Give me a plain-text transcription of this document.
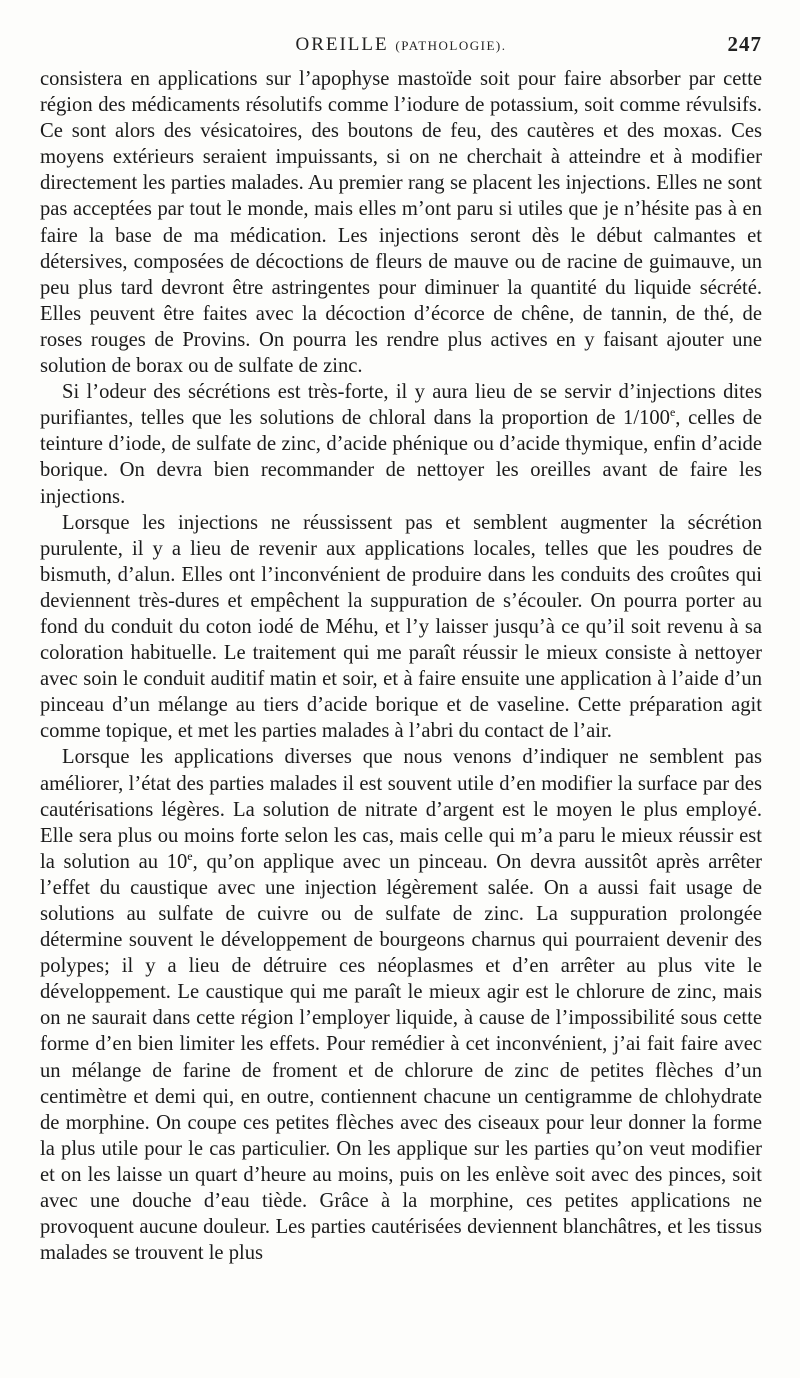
OREILLE (PATHOLOGIE).	247

consistera en applications sur l’apophyse mastoïde soit pour faire absorber par cette région des médicaments résolutifs comme l’iodure de potassium, soit comme révulsifs. Ce sont alors des vésicatoires, des boutons de feu, des cautères et des moxas. Ces moyens extérieurs seraient impuissants, si on ne cherchait à atteindre et à modifier directement les parties malades. Au premier rang se placent les injections. Elles ne sont pas acceptées par tout le monde, mais elles m’ont paru si utiles que je n’hésite pas à en faire la base de ma médication. Les injections seront dès le début calmantes et détersives, composées de décoctions de fleurs de mauve ou de racine de guimauve, un peu plus tard devront être astringentes pour diminuer la quantité du liquide sécrété. Elles peuvent être faites avec la décoction d’écorce de chêne, de tannin, de thé, de roses rouges de Provins. On pourra les rendre plus actives en y faisant ajouter une solution de borax ou de sulfate de zinc.

Si l’odeur des sécrétions est très-forte, il y aura lieu de se servir d’injections dites purifiantes, telles que les solutions de chloral dans la proportion de 1/100e, celles de teinture d’iode, de sulfate de zinc, d’acide phénique ou d’acide thymique, enfin d’acide borique. On devra bien recommander de nettoyer les oreilles avant de faire les injections.

Lorsque les injections ne réussissent pas et semblent augmenter la sécrétion purulente, il y a lieu de revenir aux applications locales, telles que les poudres de bismuth, d’alun. Elles ont l’inconvénient de produire dans les conduits des croûtes qui deviennent très-dures et empêchent la suppuration de s’écouler. On pourra porter au fond du conduit du coton iodé de Méhu, et l’y laisser jusqu’à ce qu’il soit revenu à sa coloration habituelle. Le traitement qui me paraît réussir le mieux consiste à nettoyer avec soin le conduit auditif matin et soir, et à faire ensuite une application à l’aide d’un pinceau d’un mélange au tiers d’acide borique et de vaseline. Cette préparation agit comme topique, et met les parties malades à l’abri du contact de l’air.

Lorsque les applications diverses que nous venons d’indiquer ne semblent pas améliorer, l’état des parties malades il est souvent utile d’en modifier la surface par des cautérisations légères. La solution de nitrate d’argent est le moyen le plus employé. Elle sera plus ou moins forte selon les cas, mais celle qui m’a paru le mieux réussir est la solution au 10e, qu’on applique avec un pinceau. On devra aussitôt après arrêter l’effet du caustique avec une injection légèrement salée. On a aussi fait usage de solutions au sulfate de cuivre ou de sulfate de zinc. La suppuration prolongée détermine souvent le développement de bourgeons charnus qui pourraient devenir des polypes; il y a lieu de détruire ces néoplasmes et d’en arrêter au plus vite le développement. Le caustique qui me paraît le mieux agir est le chlorure de zinc, mais on ne saurait dans cette région l’employer liquide, à cause de l’impossibilité sous cette forme d’en bien limiter les effets. Pour remédier à cet inconvénient, j’ai fait faire avec un mélange de farine de froment et de chlorure de zinc de petites flèches d’un centimètre et demi qui, en outre, contiennent chacune un centigramme de chlohydrate de morphine. On coupe ces petites flèches avec des ciseaux pour leur donner la forme la plus utile pour le cas particulier. On les applique sur les parties qu’on veut modifier et on les laisse un quart d’heure au moins, puis on les enlève soit avec des pinces, soit avec une douche d’eau tiède. Grâce à la morphine, ces petites applications ne provoquent aucune douleur. Les parties cautérisées deviennent blanchâtres, et les tissus malades se trouvent le plus
